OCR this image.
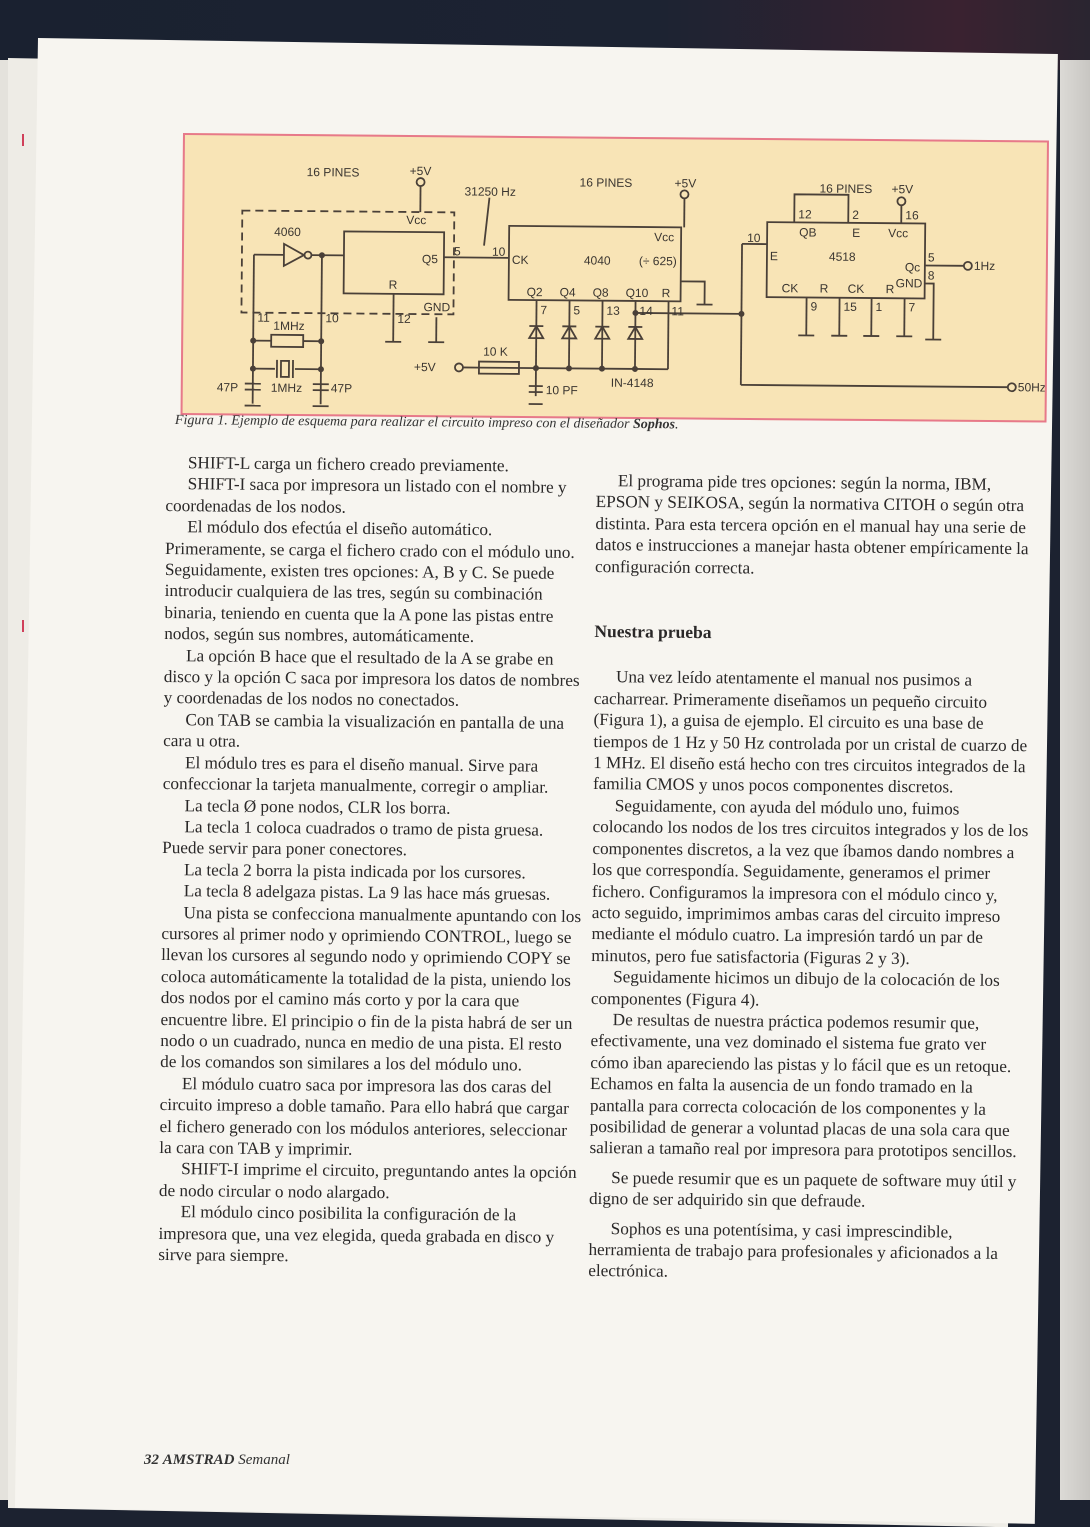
16 PINES	+5V
31250 Hz
16 PINES	+5V	16 PINES +5V
4060
Vcc
Q5
R
GND
5	10
CK	4040 (÷ 625)
Vcc
Q2 Q4 Q8 Q10 R
7 5 13 14 11
11	10	12
1MHz
1MHz
47P	47P
+5V
10 K
10 PF
IN-4148
4518
QB	E Vcc
12	2	16
E
10
Qc
5
GND
8
CK R CK R
9 15 1 7
1Hz
50Hz
Figura 1. Ejemplo de esquema para realizar el circuito impreso con el diseñador Sophos.

SHIFT-L carga un fichero creado previamente.

SHIFT-I saca por impresora un listado con el nombre y coordenadas de los nodos.

El módulo dos efectúa el diseño automático. Primeramente, se carga el fichero crado con el módulo uno. Seguidamente, existen tres opciones: A, B y C. Se puede introducir cualquiera de las tres, según su combinación binaria, teniendo en cuenta que la A pone las pistas entre nodos, según sus nombres, automáticamente.

La opción B hace que el resultado de la A se grabe en disco y la opción C saca por impresora los datos de nombres y coordenadas de los nodos no conectados.

Con TAB se cambia la visualización en pantalla de una cara u otra.

El módulo tres es para el diseño manual. Sirve para confeccionar la tarjeta manualmente, corregir o ampliar.

La tecla Ø pone nodos, CLR los borra.

La tecla 1 coloca cuadrados o tramo de pista gruesa. Puede servir para poner conectores.

La tecla 2 borra la pista indicada por los cursores.

La tecla 8 adelgaza pistas. La 9 las hace más gruesas.

Una pista se confecciona manualmente apuntando con los cursores al primer nodo y oprimiendo CONTROL, luego se llevan los cursores al segundo nodo y oprimiendo COPY se coloca automáticamente la totalidad de la pista, uniendo los dos nodos por el camino más corto y por la cara que encuentre libre. El principio o fin de la pista habrá de ser un nodo o un cuadrado, nunca en medio de una pista. El resto de los comandos son similares a los del módulo uno.

El módulo cuatro saca por impresora las dos caras del circuito impreso a doble tamaño. Para ello habrá que cargar el fichero generado con los módulos anteriores, seleccionar la cara con TAB y imprimir.

SHIFT-I imprime el circuito, preguntando antes la opción de nodo circular o nodo alargado.

El módulo cinco posibilita la configuración de la impresora que, una vez elegida, queda grabada en disco y sirve para siempre.

El programa pide tres opciones: según la norma, IBM, EPSON y SEIKOSA, según la normativa CITOH o según otra distinta. Para esta tercera opción en el manual hay una serie de datos e instrucciones a manejar hasta obtener empíricamente la configuración correcta.

Nuestra prueba

Una vez leído atentamente el manual nos pusimos a cacharrear. Primeramente diseñamos un pequeño circuito (Figura 1), a guisa de ejemplo. El circuito es una base de tiempos de 1 Hz y 50 Hz controlada por un cristal de cuarzo de 1 MHz. El diseño está hecho con tres circuitos integrados de la familia CMOS y unos pocos componentes discretos.

Seguidamente, con ayuda del módulo uno, fuimos colocando los nodos de los tres circuitos integrados y los de los componentes discretos, a la vez que íbamos dando nombres a los que correspondía. Seguidamente, generamos el primer fichero. Configuramos la impresora con el módulo cinco y, acto seguido, imprimimos ambas caras del circuito impreso mediante el módulo cuatro. La impresión tardó un par de minutos, pero fue satisfactoria (Figuras 2 y 3).

Seguidamente hicimos un dibujo de la colocación de los componentes (Figura 4).

De resultas de nuestra práctica podemos resumir que, efectivamente, una vez dominado el sistema fue grato ver cómo iban apareciendo las pistas y lo fácil que es un retoque. Echamos en falta la ausencia de un fondo tramado en la pantalla para correcta colocación de los componentes y la posibilidad de generar a voluntad placas de una sola cara que salieran a tamaño real por impresora para prototipos sencillos.

Se puede resumir que es un paquete de software muy útil y digno de ser adquirido sin que defraude.

Sophos es una potentísima, y casi imprescindible, herramienta de trabajo para profesionales y aficionados a la electrónica.

32 AMSTRAD Semanal
